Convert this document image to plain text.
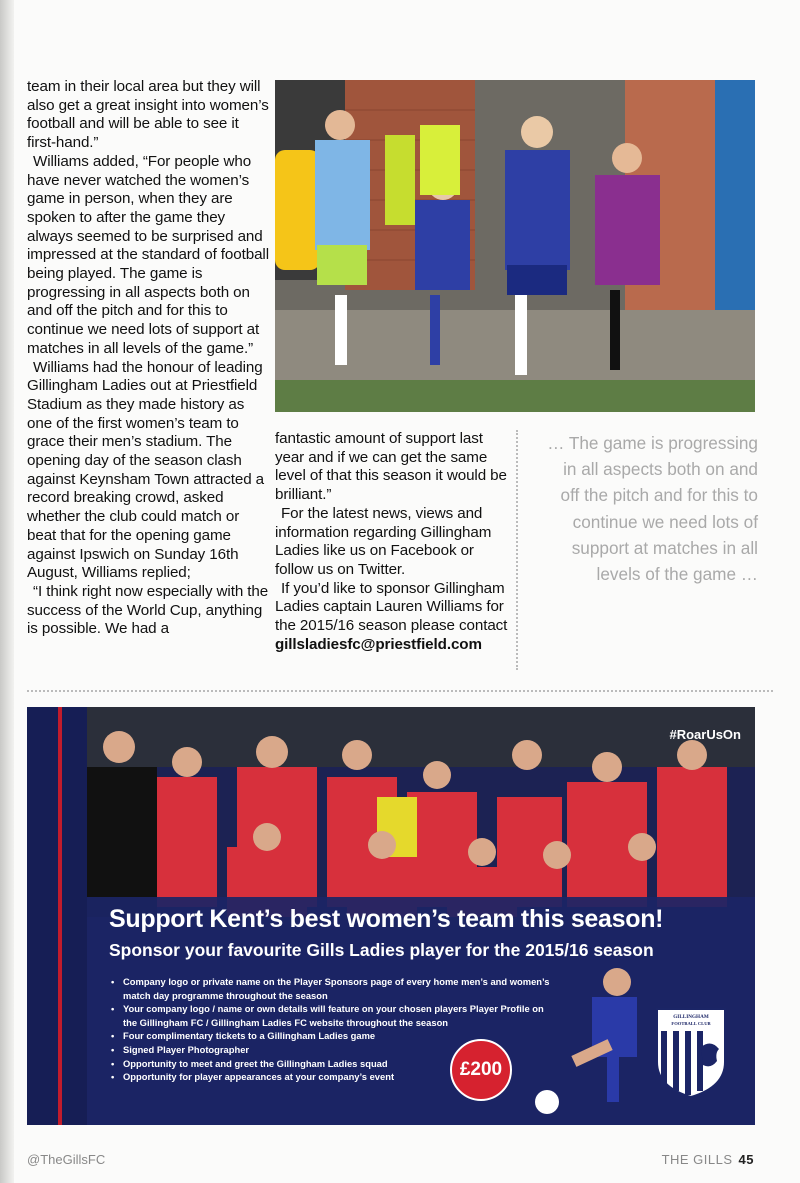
team in their local area but they will also get a great insight into women’s football and will be able to see it first-hand.”

Williams added, “For people who have never watched the women’s game in person, when they are spoken to after the game they always seemed to be surprised and impressed at the standard of football being played. The game is progressing in all aspects both on and off the pitch and for this to continue we need lots of support at matches in all levels of the game.”

Williams had the honour of leading Gillingham Ladies out at Priestfield Stadium as they made history as one of the first women’s team to grace their men’s stadium. The opening day of the season clash against Keynsham Town attracted a record breaking crowd, asked whether the club could match or beat that for the opening game against Ipswich on Sunday 16th August, Williams replied;

“I think right now especially with the success of the World Cup, anything is possible. We had a

fantastic amount of support last year and if we can get the same level of that this season it would be brilliant.”

For the latest news, views and information regarding Gillingham Ladies like us on Facebook or follow us on Twitter.

If you’d like to sponsor Gillingham Ladies captain Lauren Williams for the 2015/16 season please contact

gillsladiesfc@priestfield.com

… The game is progressing in all aspects both on and off the pitch and for this to continue we need lots of support at matches in all levels of the game …
#RoarUsOn
Support Kent’s best women’s team this season!
Sponsor your favourite Gills Ladies player for the 2015/16 season
• Company logo or private name on the Player Sponsors page of every home men’s and women’s match day programme throughout the season
• Your company logo / name or own details will feature on your chosen players Player Profile on the Gillingham FC / Gillingham Ladies FC website throughout the season
• Four complimentary tickets to a Gillingham Ladies game
• Signed Player Photographer
• Opportunity to meet and greet the Gillingham Ladies squad
• Opportunity for player appearances at your company’s event	£200
GILLINGHAM
FOOTBALL CLUB
@TheGillsFC	THE GILLS 45
